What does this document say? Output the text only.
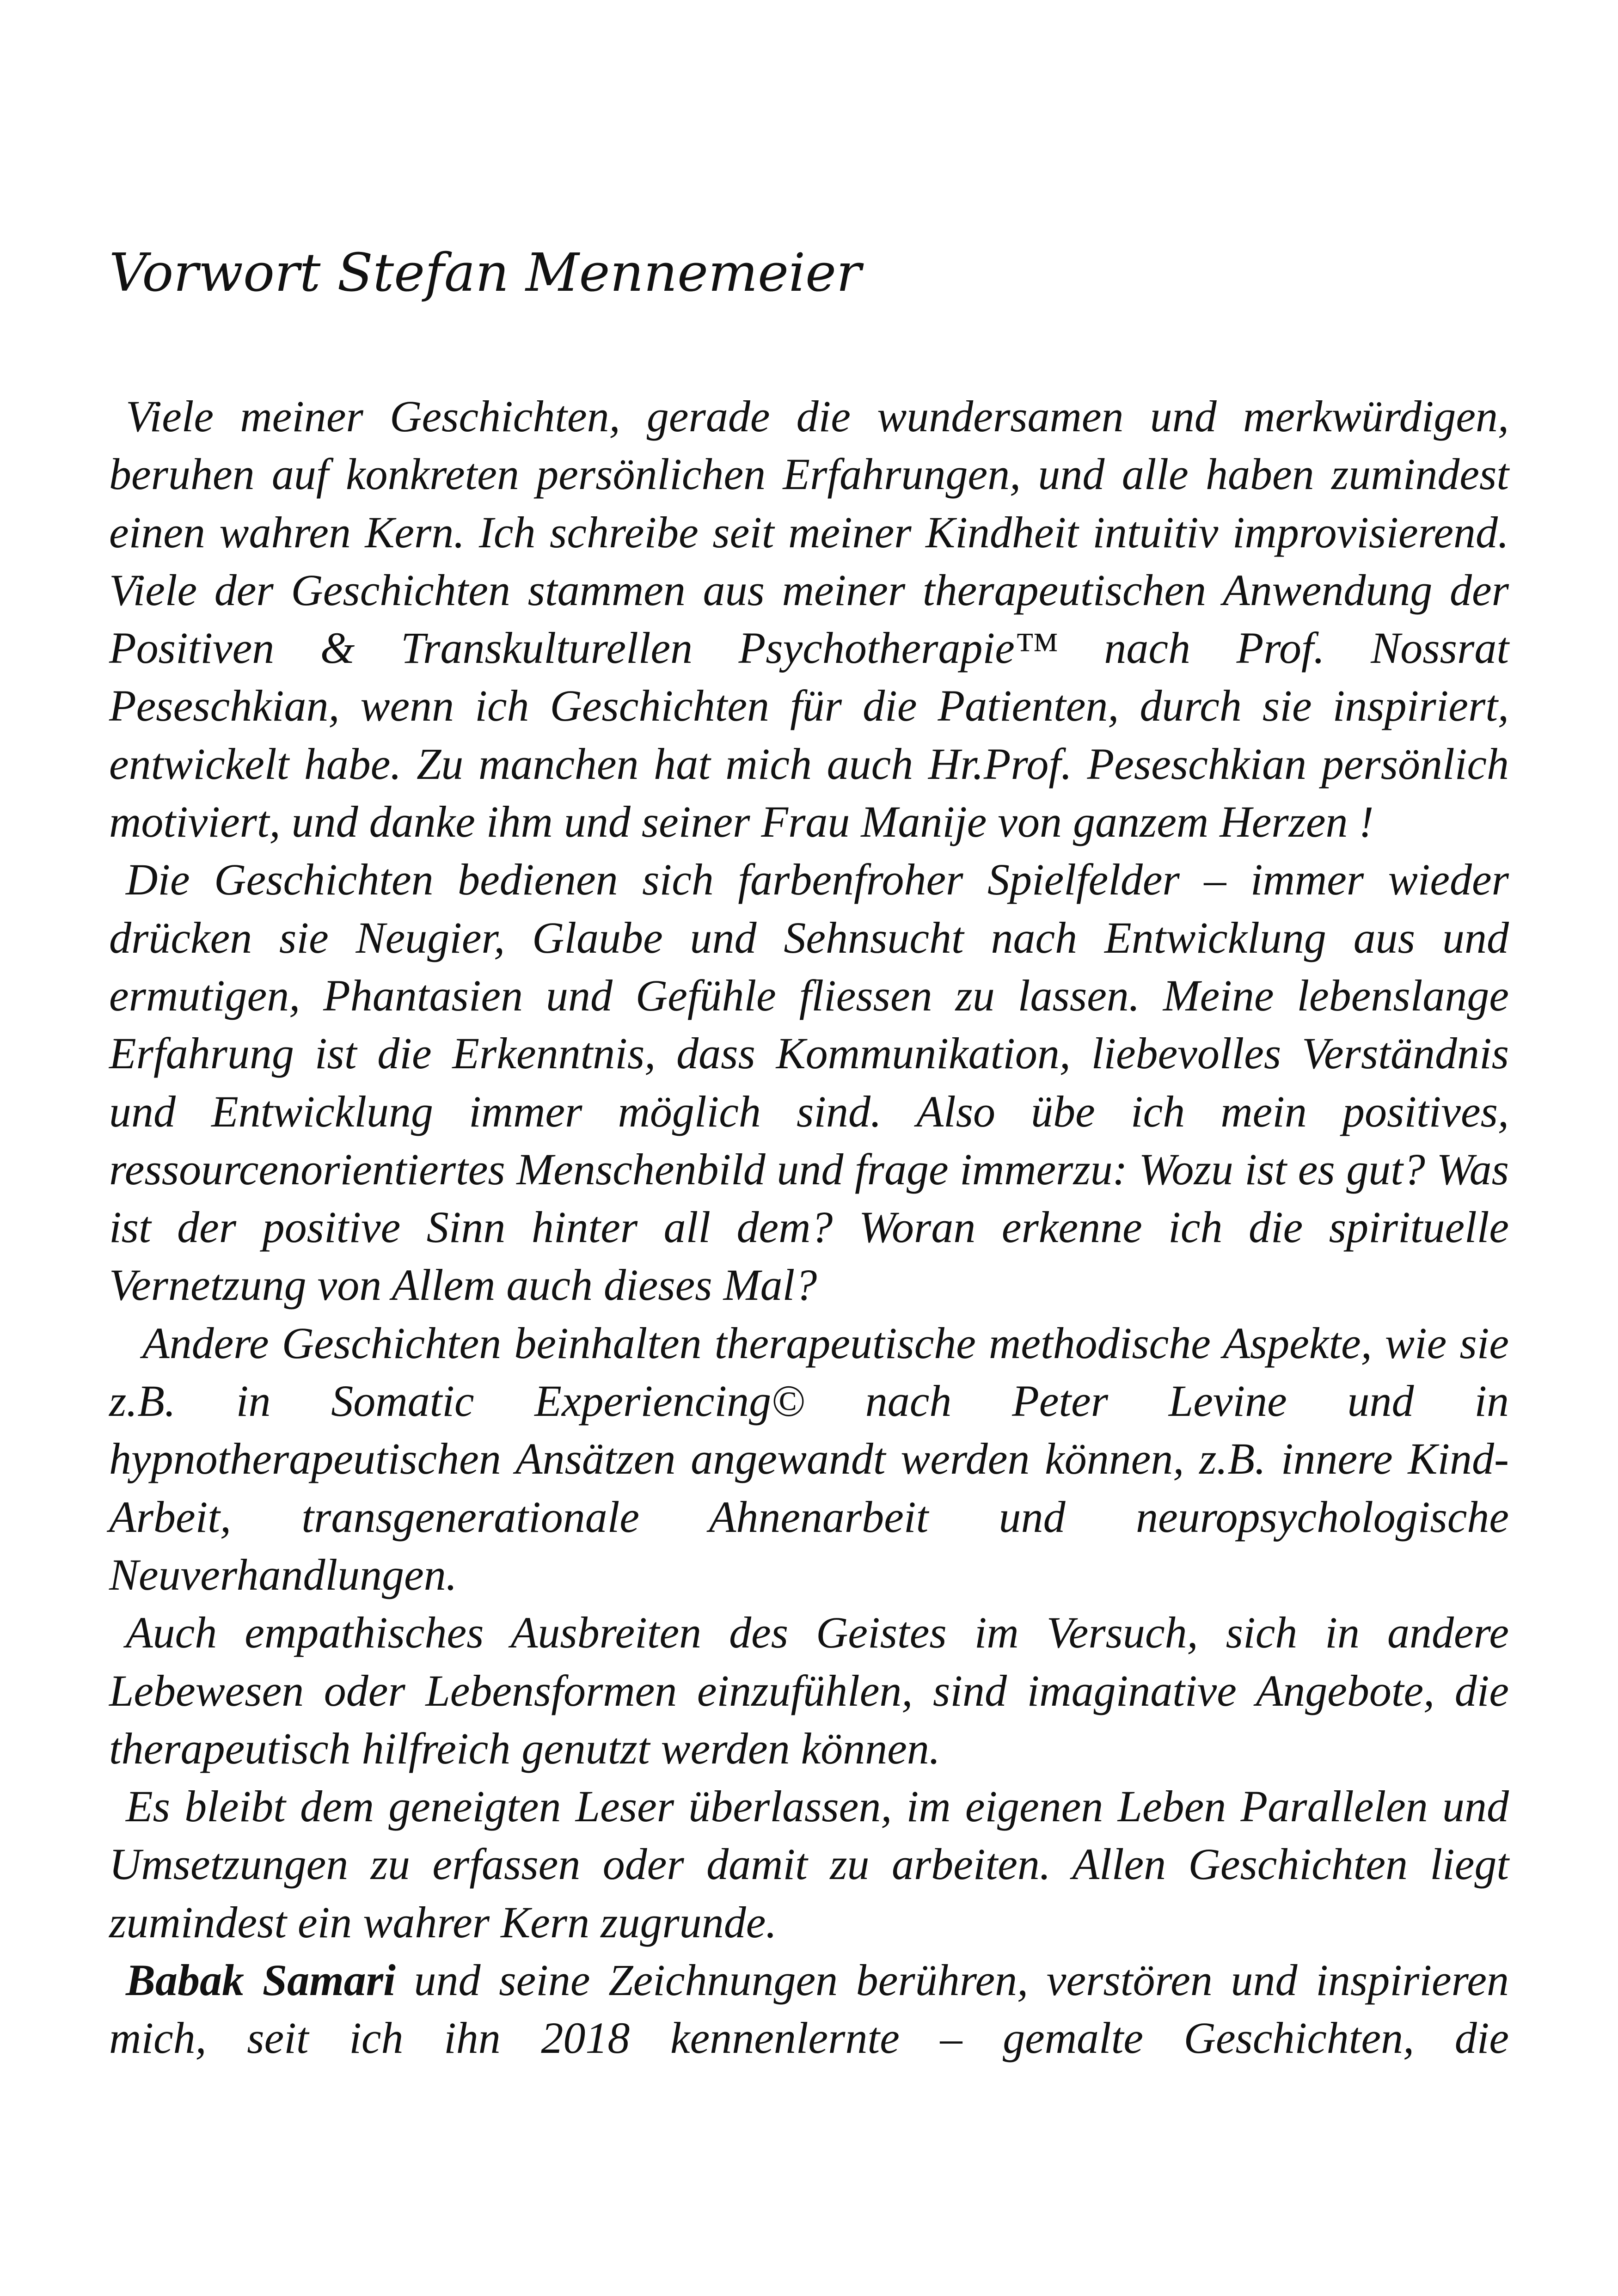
Vorwort Stefan Mennemeier

Viele meiner Geschichten, gerade die wundersamen und merkwürdigen, beruhen auf konkreten persönlichen Erfahrungen, und alle haben zumindest einen wahren Kern. Ich schreibe seit meiner Kindheit intuitiv improvisierend. Viele der Geschichten stammen aus meiner therapeutischen Anwendung der Positiven & Transkulturellen Psychotherapie™ nach Prof. Nossrat Peseschkian, wenn ich Geschichten für die Patienten, durch sie inspiriert, entwickelt habe. Zu manchen hat mich auch Hr.Prof. Peseschkian persönlich motiviert, und danke ihm und seiner Frau Manije von ganzem Herzen !

Die Geschichten bedienen sich farbenfroher Spielfelder – immer wieder drücken sie Neugier, Glaube und Sehnsucht nach Entwicklung aus und ermutigen, Phantasien und Gefühle fliessen zu lassen. Meine lebenslange Erfahrung ist die Erkenntnis, dass Kommunikation, liebevolles Verständnis und Entwicklung immer möglich sind. Also übe ich mein positives, ressourcenorientiertes Menschenbild und frage immerzu: Wozu ist es gut? Was ist der positive Sinn hinter all dem? Woran erkenne ich die spirituelle Vernetzung von Allem auch dieses Mal?

Andere Geschichten beinhalten therapeutische methodische Aspekte, wie sie z.B. in Somatic Experiencing© nach Peter Levine und in hypnotherapeutischen Ansätzen angewandt werden können, z.B. innere Kind-Arbeit, transgenerationale Ahnenarbeit und neuropsychologische Neuverhandlungen.

Auch empathisches Ausbreiten des Geistes im Versuch, sich in andere Lebewesen oder Lebensformen einzufühlen, sind imaginative Angebote, die therapeutisch hilfreich genutzt werden können.

Es bleibt dem geneigten Leser überlassen, im eigenen Leben Parallelen und Umsetzungen zu erfassen oder damit zu arbeiten. Allen Geschichten liegt zumindest ein wahrer Kern zugrunde.

Babak Samari und seine Zeichnungen berühren, verstören und inspirieren mich, seit ich ihn 2018 kennenlernte – gemalte Geschichten, die
